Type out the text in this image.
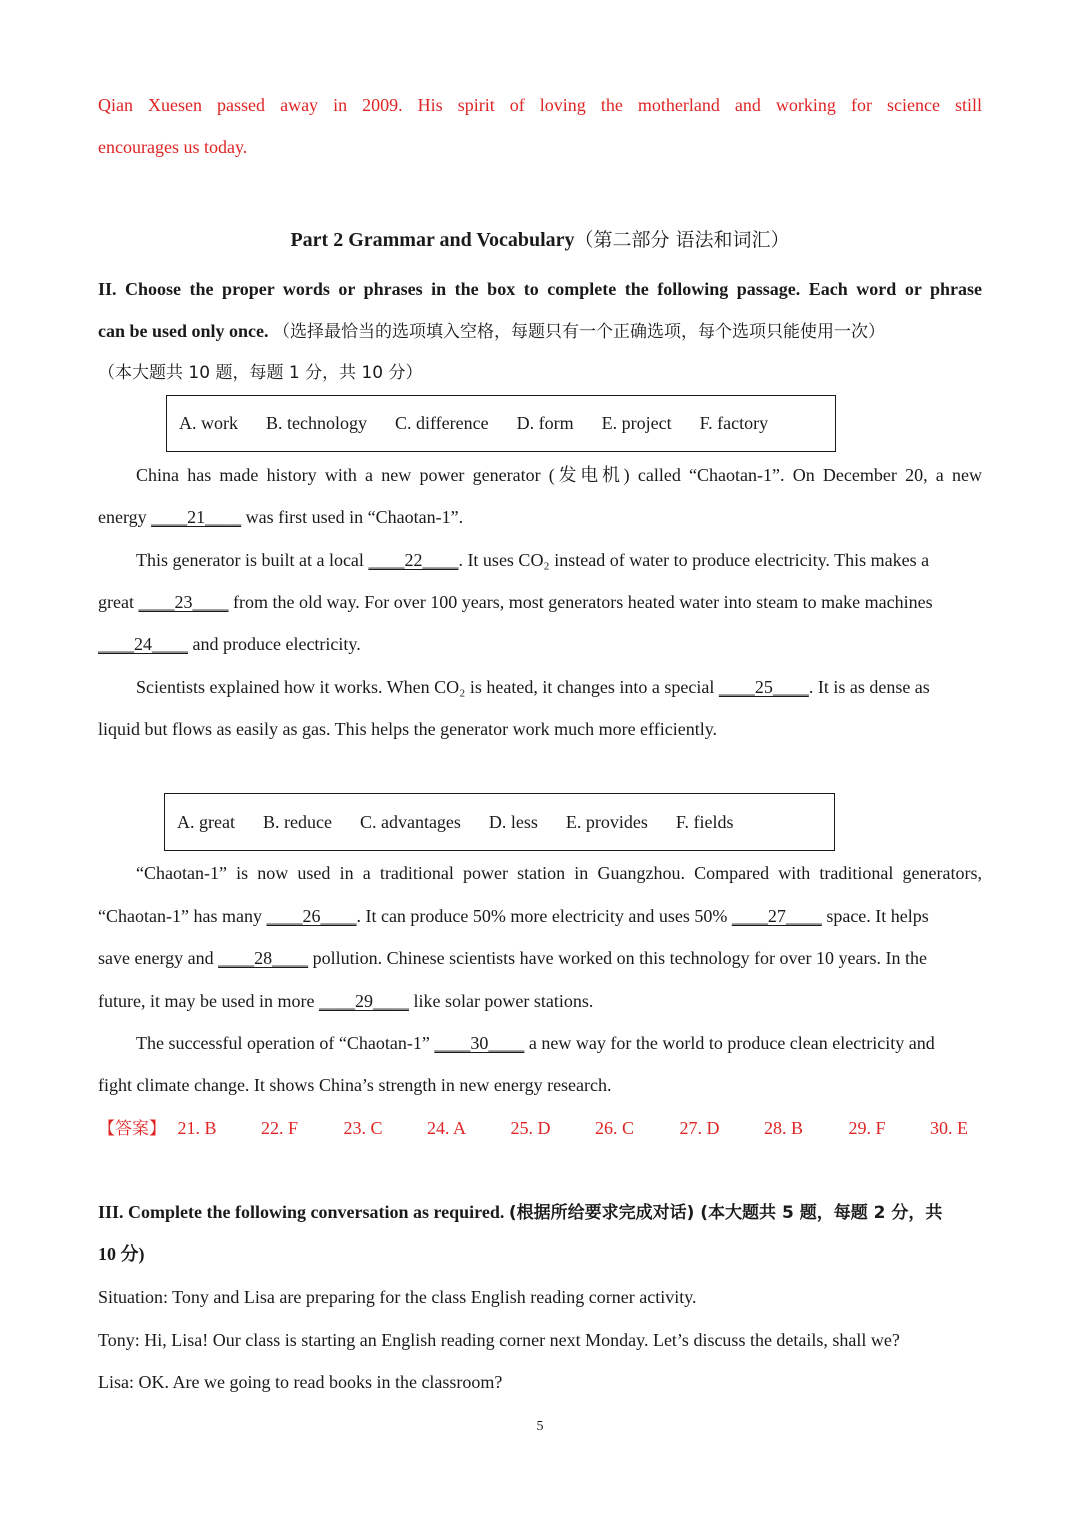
Qian Xuesen passed away in 2009. His spirit of loving the motherland and working for science still
encourages us today.
Part 2 Grammar and Vocabulary（第二部分 语法和词汇）
II. Choose the proper words or phrases in the box to complete the following passage. Each word or phrase
can be used only once. （选择最恰当的选项填入空格，每题只有一个正确选项，每个选项只能使用一次）
（本大题共 10 题，每题 1 分，共 10 分）
A. work B. technology C. difference D. form E. project F. factory
China has made history with a new power generator (发电机) called “Chaotan-1”. On December 20, a new
energy ____21____ was first used in “Chaotan-1”.
This generator is built at a local ____22____. It uses CO₂ instead of water to produce electricity. This makes a
great ____23____ from the old way. For over 100 years, most generators heated water into steam to make machines
____24____ and produce electricity.
Scientists explained how it works. When CO₂ is heated, it changes into a special ____25____. It is as dense as
liquid but flows as easily as gas. This helps the generator work much more efficiently.
A. great B. reduce C. advantages D. less E. provides F. fields
“Chaotan-1” is now used in a traditional power station in Guangzhou. Compared with traditional generators,
“Chaotan-1” has many ____26____. It can produce 50% more electricity and uses 50% ____27____ space. It helps
save energy and ____28____ pollution. Chinese scientists have worked on this technology for over 10 years. In the
future, it may be used in more ____29____ like solar power stations.
The successful operation of “Chaotan-1” ____30____ a new way for the world to produce clean electricity and
fight climate change. It shows China’s strength in new energy research.
【答案】 21. B 22. F	23. C 24. A 25. D 26. C	27. D 28. B	29. F 30. E
III. Complete the following conversation as required. (根据所给要求完成对话) (本大题共 5 题，每题 2 分，共
10 分)
Situation: Tony and Lisa are preparing for the class English reading corner activity.
Tony: Hi, Lisa! Our class is starting an English reading corner next Monday. Let’s discuss the details, shall we?
Lisa: OK. Are we going to read books in the classroom?
5
